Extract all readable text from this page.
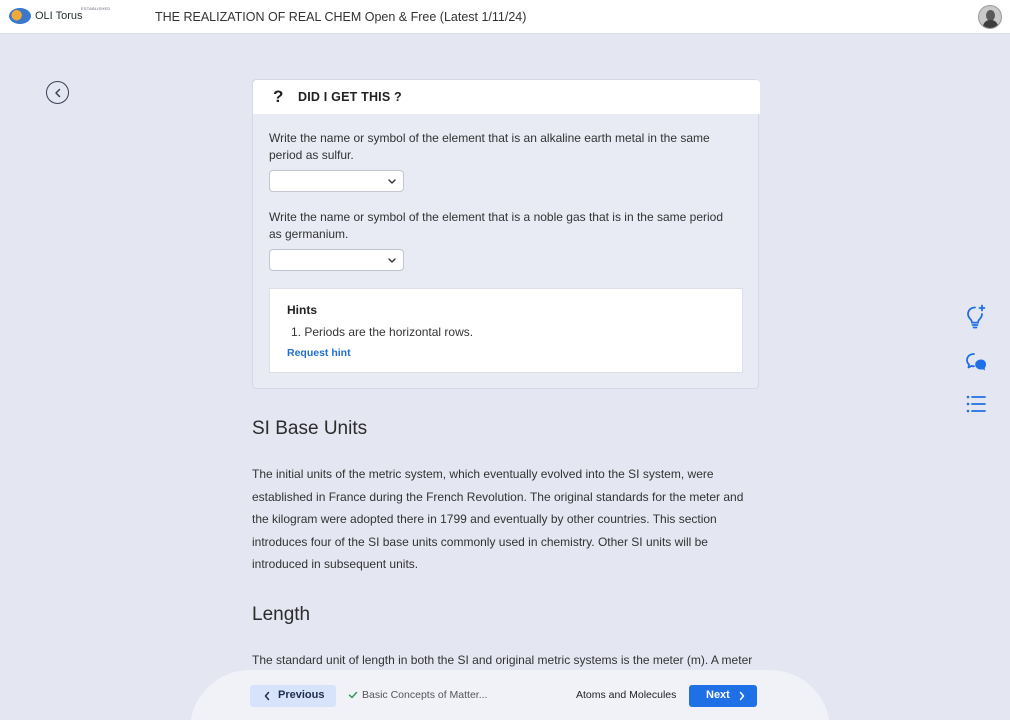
OLI Torus
ESTABLISHED
THE REALIZATION OF REAL CHEM Open & Free (Latest 1/11/24)
? DID I GET THIS ?
Write the name or symbol of the element that is an alkaline earth metal in the same period as sulfur.
Write the name or symbol of the element that is a noble gas that is in the same period as germanium.
Hints
1. Periods are the horizontal rows.
Request hint
SI Base Units
The initial units of the metric system, which eventually evolved into the SI system, were established in France during the French Revolution. The original standards for the meter and the kilogram were adopted there in 1799 and eventually by other countries. This section introduces four of the SI base units commonly used in chemistry. Other SI units will be introduced in subsequent units.
Length
The standard unit of length in both the SI and original metric systems is the meter (m). A meter
Previous	Basic Concepts of Matter...	Atoms and Molecules	Next
